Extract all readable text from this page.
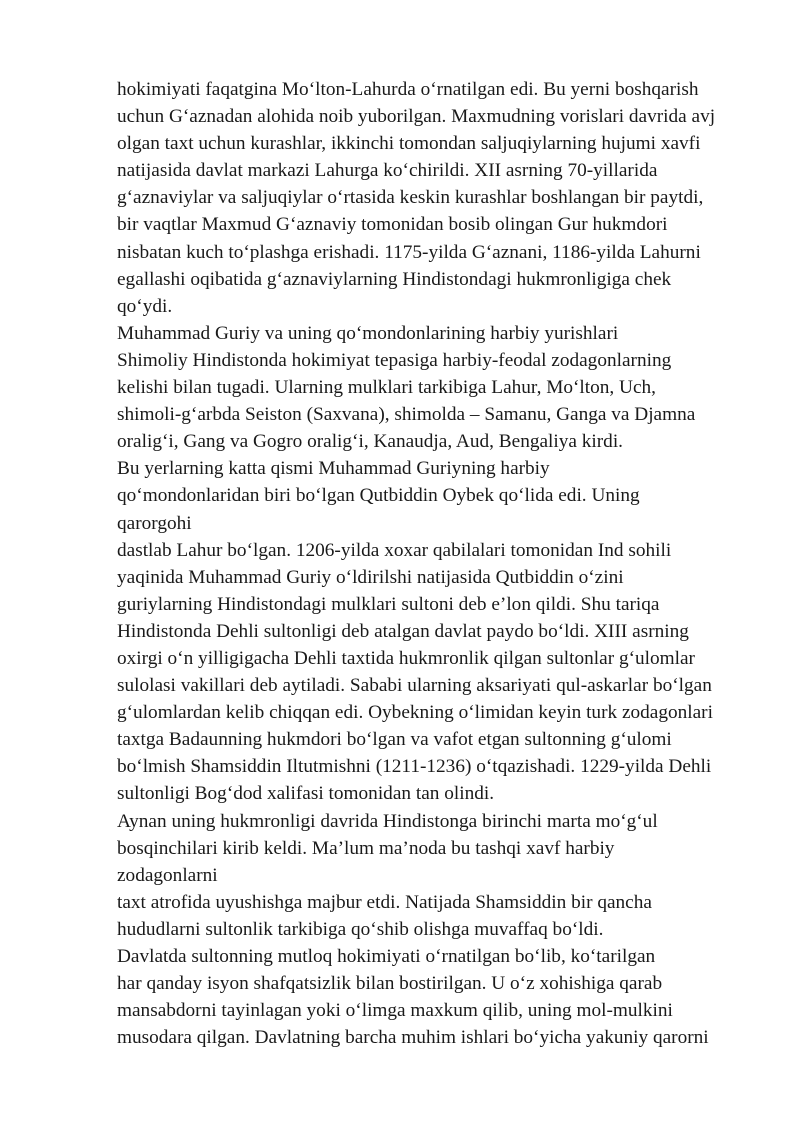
hokimiyati faqatgina Mo‘lton-Lahurda o‘rnatilgan edi. Bu yerni boshqarish
uchun G‘aznadan alohida noib yuborilgan. Maxmudning vorislari davrida avj
olgan taxt uchun kurashlar, ikkinchi tomondan saljuqiylarning hujumi xavfi
natijasida davlat markazi Lahurga ko‘chirildi. XII asrning 70-yillarida
g‘aznaviylar va saljuqiylar o‘rtasida keskin kurashlar boshlangan bir paytdi,
bir vaqtlar Maxmud G‘aznaviy tomonidan bosib olingan Gur hukmdori
nisbatan kuch to‘plashga erishadi. 1175-yilda G‘aznani, 1186-yilda Lahurni
egallashi oqibatida g‘aznaviylarning Hindistondagi hukmronligiga chek
qo‘ydi.
Muhammad Guriy va uning qo‘mondonlarining harbiy yurishlari
Shimoliy Hindistonda hokimiyat tepasiga harbiy-feodal zodagonlarning
kelishi bilan tugadi. Ularning mulklari tarkibiga Lahur, Mo‘lton, Uch,
shimoli-g‘arbda Seiston (Saxvana), shimolda – Samanu, Ganga va Djamna
oralig‘i, Gang va Gogro oralig‘i, Kanaudja, Aud, Bengaliya kirdi.
Bu yerlarning katta qismi Muhammad Guriyning harbiy
qo‘mondonlaridan biri bo‘lgan Qutbiddin Oybek qo‘lida edi. Uning
qarorgohi
dastlab Lahur bo‘lgan. 1206-yilda xoxar qabilalari tomonidan Ind sohili
yaqinida Muhammad Guriy o‘ldirilshi natijasida Qutbiddin o‘zini
guriylarning Hindistondagi mulklari sultoni deb e’lon qildi. Shu tariqa
Hindistonda Dehli sultonligi deb atalgan davlat paydo bo‘ldi. XIII asrning
oxirgi o‘n yilligigacha Dehli taxtida hukmronlik qilgan sultonlar g‘ulomlar
sulolasi vakillari deb aytiladi. Sababi ularning aksariyati qul-askarlar bo‘lgan
g‘ulomlardan kelib chiqqan edi. Oybekning o‘limidan keyin turk zodagonlari
taxtga Badaunning hukmdori bo‘lgan va vafot etgan sultonning g‘ulomi
bo‘lmish Shamsiddin Iltutmishni (1211-1236) o‘tqazishadi. 1229-yilda Dehli
sultonligi Bog‘dod xalifasi tomonidan tan olindi.
Aynan uning hukmronligi davrida Hindistonga birinchi marta mo‘g‘ul
bosqinchilari kirib keldi. Ma’lum ma’noda bu tashqi xavf harbiy
zodagonlarni
taxt atrofida uyushishga majbur etdi. Natijada Shamsiddin bir qancha
hududlarni sultonlik tarkibiga qo‘shib olishga muvaffaq bo‘ldi.
Davlatda sultonning mutloq hokimiyati o‘rnatilgan bo‘lib, ko‘tarilgan
har qanday isyon shafqatsizlik bilan bostirilgan. U o‘z xohishiga qarab
mansabdorni tayinlagan yoki o‘limga maxkum qilib, uning mol-mulkini
musodara qilgan. Davlatning barcha muhim ishlari bo‘yicha yakuniy qarorni
